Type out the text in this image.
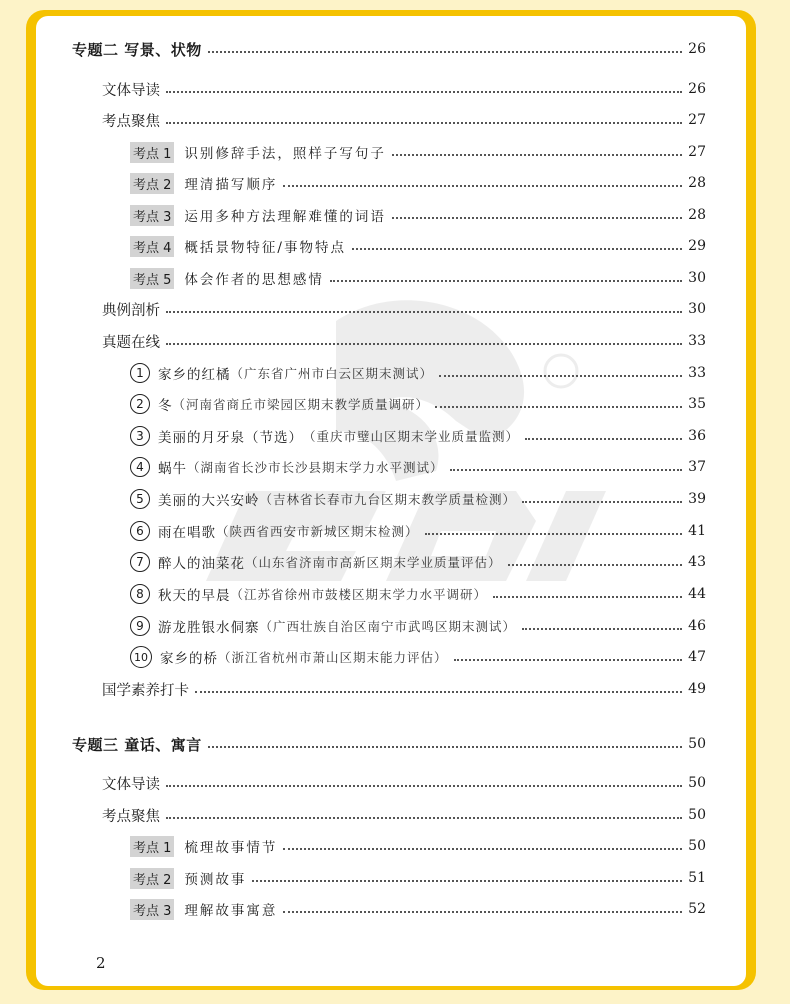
专题二 写景、状物	26
文体导读	26
考点聚焦	27
考点 1 识别修辞手法，照样子写句子	27
考点 2 理清描写顺序	28
考点 3 运用多种方法理解难懂的词语	28
考点 4 概括景物特征/事物特点	29
考点 5 体会作者的思想感情	30
典例剖析	30
真题在线	33
1	家乡的红橘 （广东省广州市白云区期末测试）	33
2	冬 （河南省商丘市梁园区期末教学质量调研）	35
3	美丽的月牙泉（节选） （重庆市璧山区期末学业质量监测）	36
4	蜗牛 （湖南省长沙市长沙县期末学力水平测试）	37
5	美丽的大兴安岭 （吉林省长春市九台区期末教学质量检测）	39
6	雨在唱歌 （陕西省西安市新城区期末检测）	41
7	醉人的油菜花 （山东省济南市高新区期末学业质量评估）	43
8	秋天的早晨 （江苏省徐州市鼓楼区期末学力水平调研）	44
9	游龙胜银水侗寨 （广西壮族自治区南宁市武鸣区期末测试）	46
10 家乡的桥 （浙江省杭州市萧山区期末能力评估）	47
国学素养打卡	49
专题三 童话、寓言	50
文体导读	50
考点聚焦	50
考点 1 梳理故事情节	50
考点 2 预测故事	51
考点 3 理解故事寓意	52
2
